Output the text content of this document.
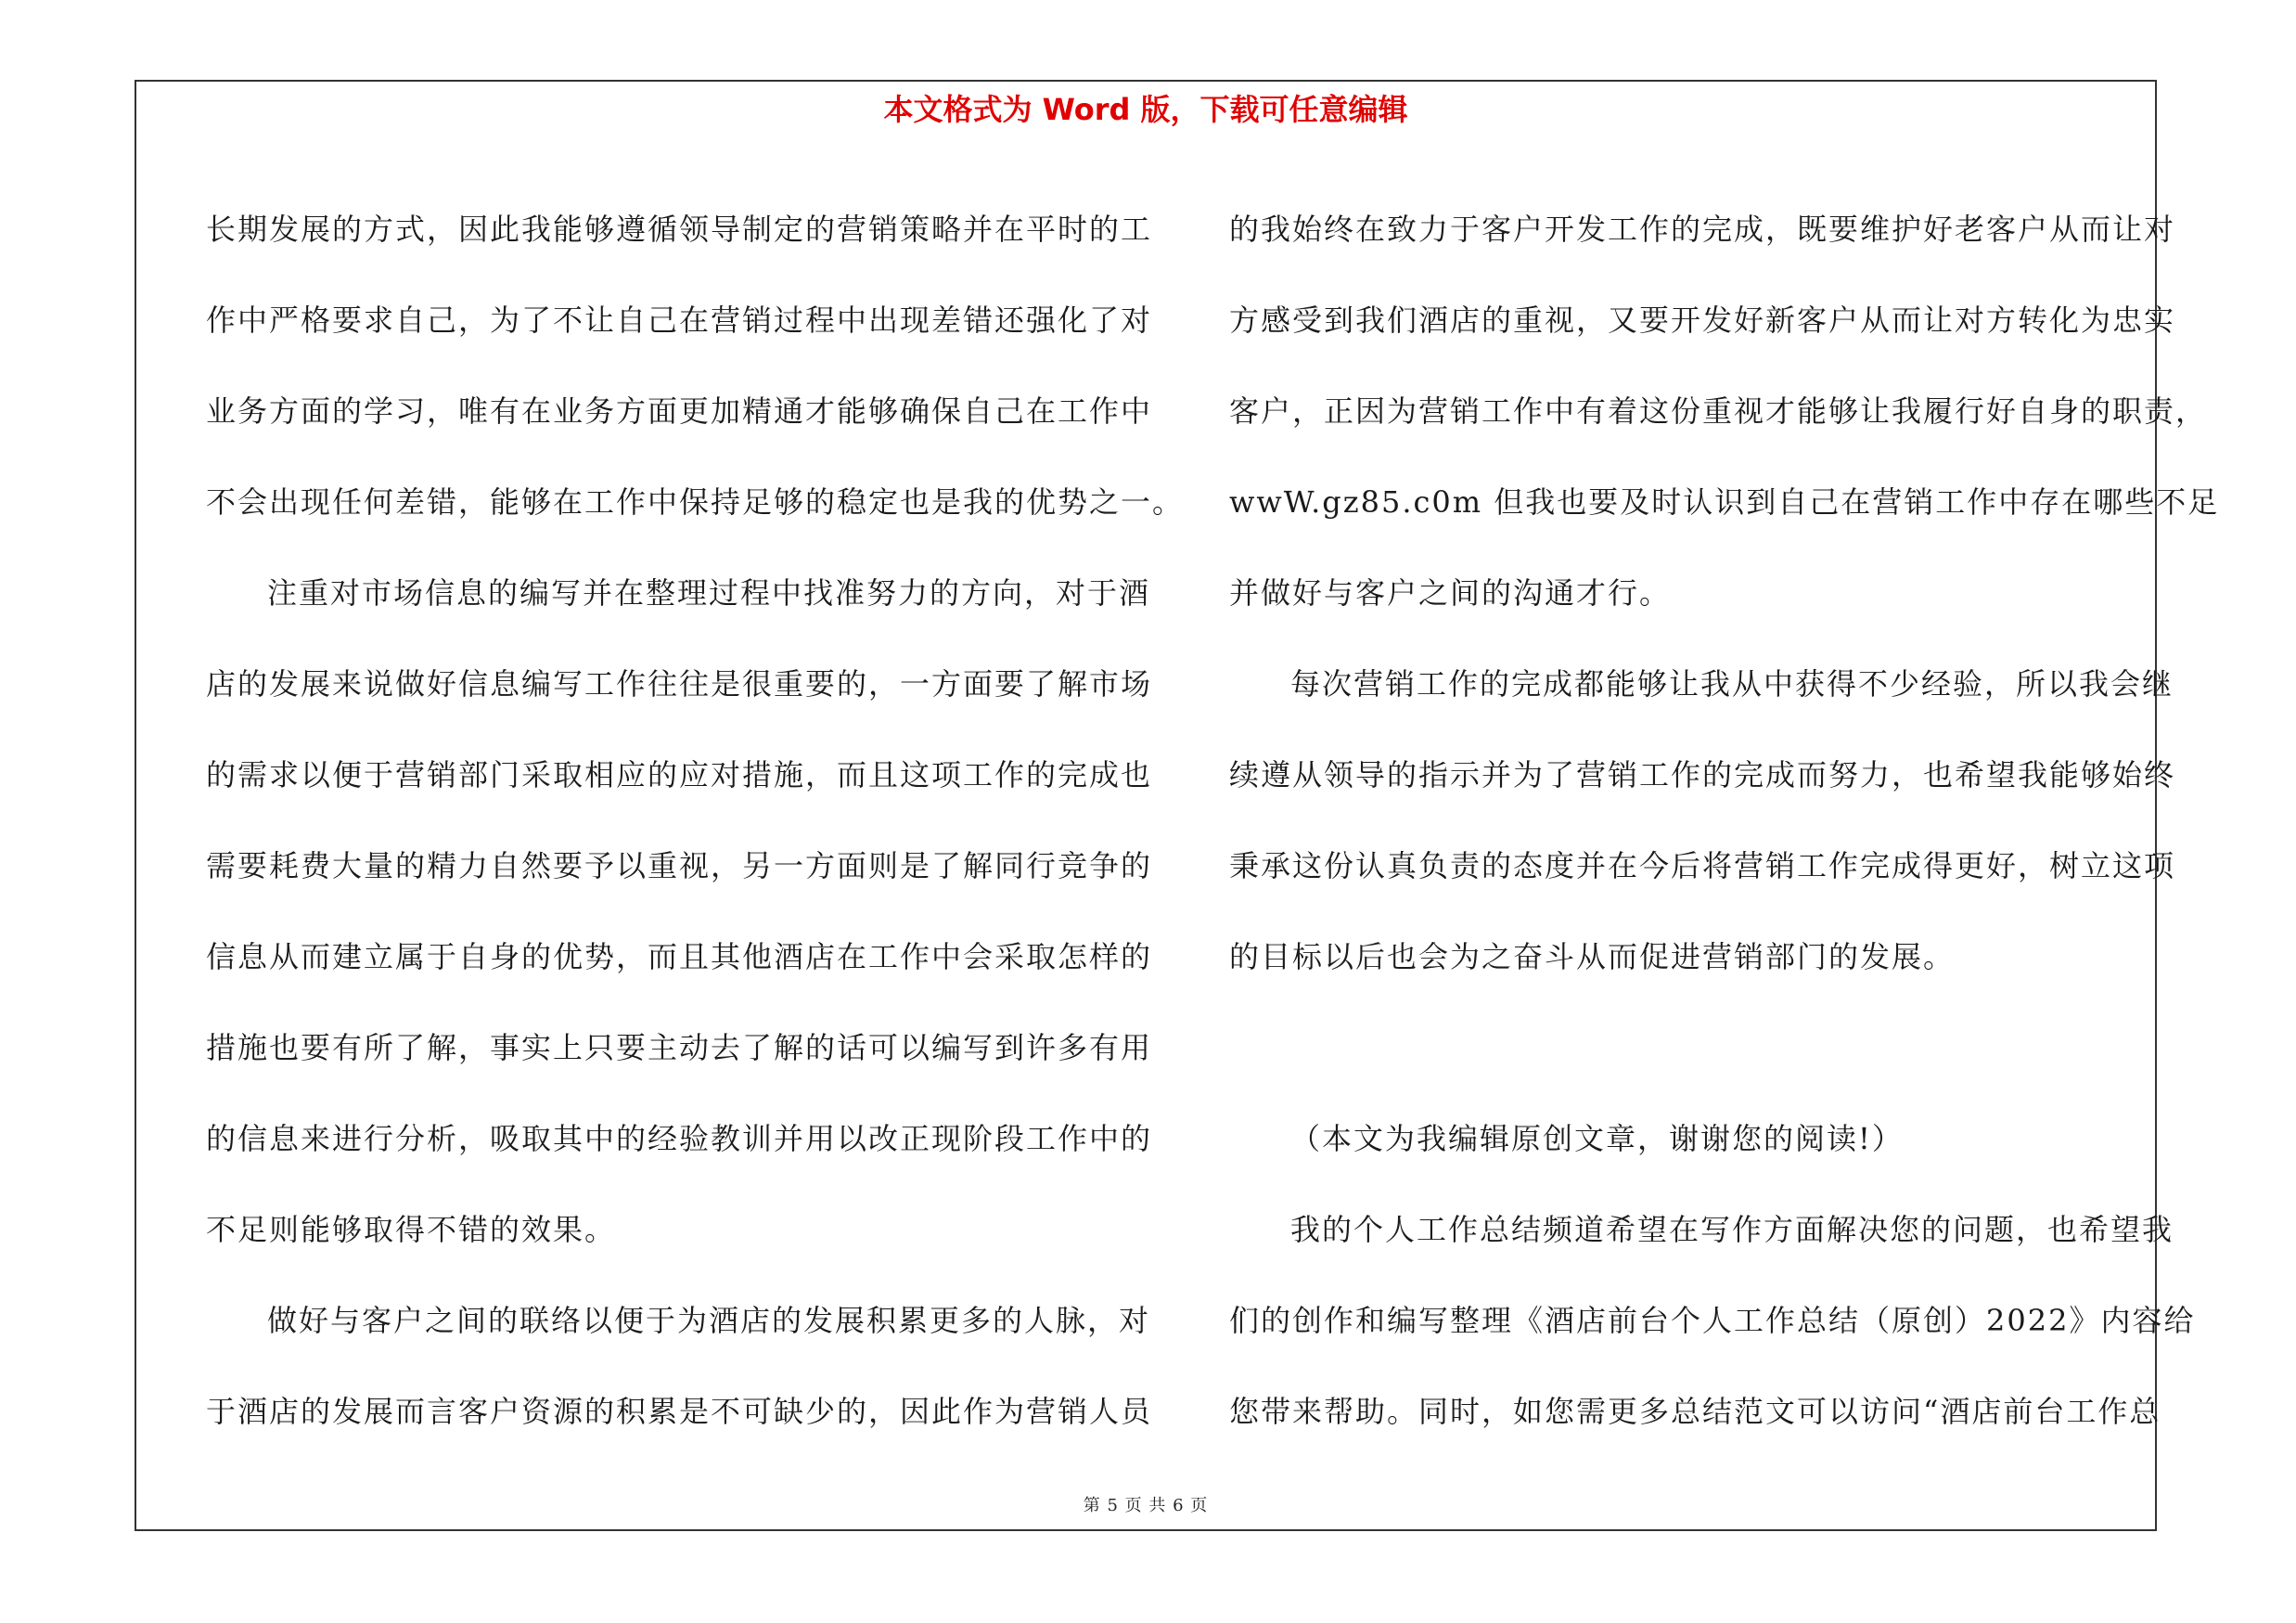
本文格式为 Word 版，下载可任意编辑
长期发展的方式，因此我能够遵循领导制定的营销策略并在平时的工
作中严格要求自己，为了不让自己在营销过程中出现差错还强化了对
业务方面的学习，唯有在业务方面更加精通才能够确保自己在工作中
不会出现任何差错，能够在工作中保持足够的稳定也是我的优势之一。
注重对市场信息的编写并在整理过程中找准努力的方向，对于酒
店的发展来说做好信息编写工作往往是很重要的，一方面要了解市场
的需求以便于营销部门采取相应的应对措施，而且这项工作的完成也
需要耗费大量的精力自然要予以重视，另一方面则是了解同行竞争的
信息从而建立属于自身的优势，而且其他酒店在工作中会采取怎样的
措施也要有所了解，事实上只要主动去了解的话可以编写到许多有用
的信息来进行分析，吸取其中的经验教训并用以改正现阶段工作中的
不足则能够取得不错的效果。
做好与客户之间的联络以便于为酒店的发展积累更多的人脉，对
于酒店的发展而言客户资源的积累是不可缺少的，因此作为营销人员
的我始终在致力于客户开发工作的完成，既要维护好老客户从而让对
方感受到我们酒店的重视，又要开发好新客户从而让对方转化为忠实
客户，正因为营销工作中有着这份重视才能够让我履行好自身的职责，
wwW.gz85.c0m 但我也要及时认识到自己在营销工作中存在哪些不足
并做好与客户之间的沟通才行。
每次营销工作的完成都能够让我从中获得不少经验，所以我会继
续遵从领导的指示并为了营销工作的完成而努力，也希望我能够始终
秉承这份认真负责的态度并在今后将营销工作完成得更好，树立这项
的目标以后也会为之奋斗从而促进营销部门的发展。
（本文为我编辑原创文章，谢谢您的阅读!）
我的个人工作总结频道希望在写作方面解决您的问题，也希望我
们的创作和编写整理《酒店前台个人工作总结（原创）2022》内容给
您带来帮助。同时，如您需更多总结范文可以访问“酒店前台工作总
第 5 页 共 6 页
